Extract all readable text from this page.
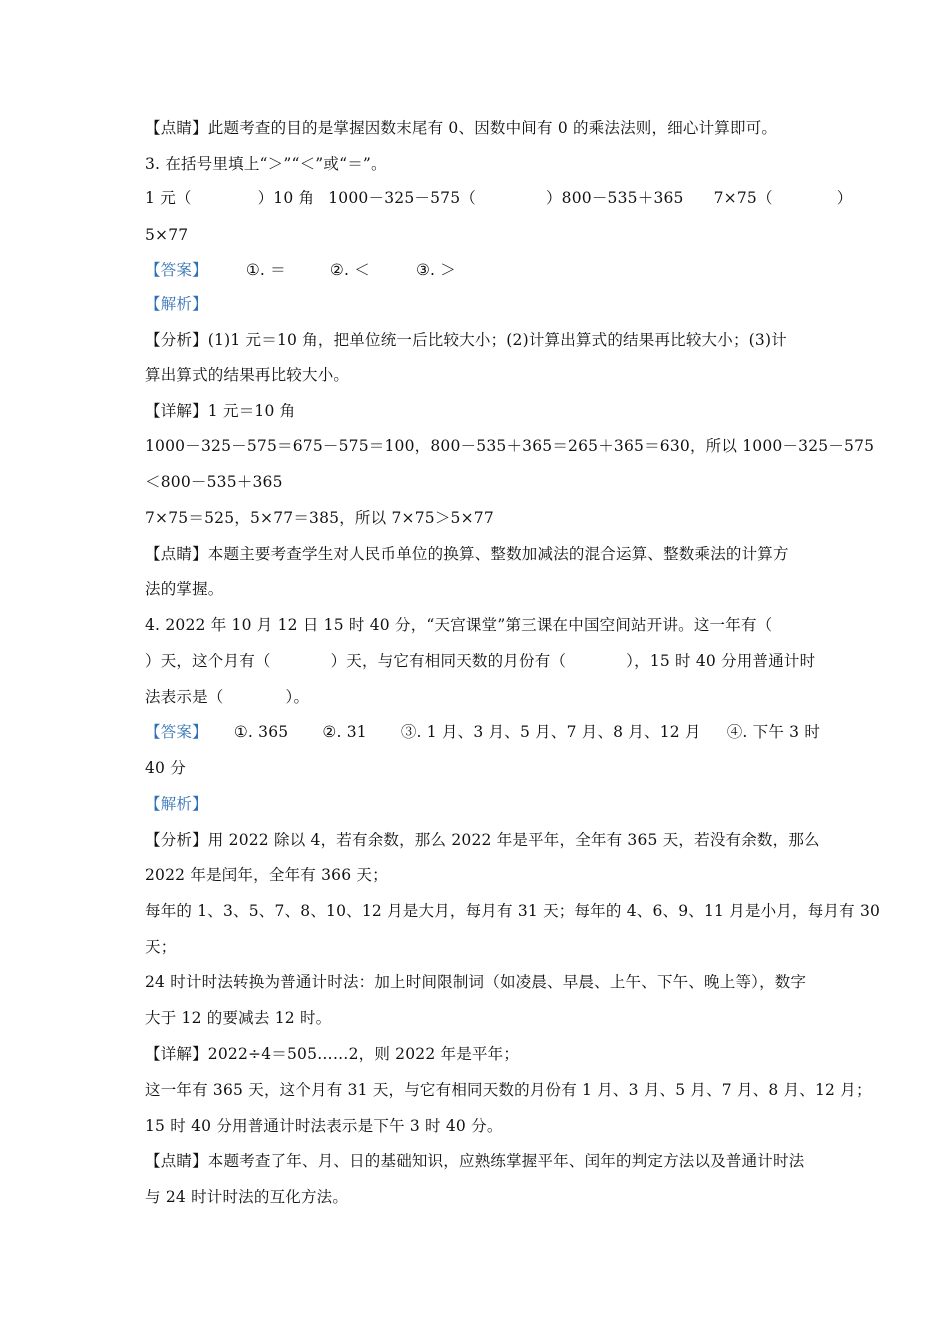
【点睛】此题考查的目的是掌握因数末尾有 0、因数中间有 0 的乘法法则，细心计算即可。
3. 在括号里填上“＞”“＜”或“＝”。
1 元（	）10 角 1000－325－575（	）800－535＋365 7×75（	）
5×77
【答案】 ①. ＝	②. ＜	③. ＞
【解析】
【分析】(1)1 元＝10 角，把单位统一后比较大小；(2)计算出算式的结果再比较大小；(3)计
算出算式的结果再比较大小。
【详解】1 元＝10 角
1000－325－575＝675－575＝100，800－535＋365＝265＋365＝630，所以 1000－325－575
＜800－535＋365
7×75＝525，5×77＝385，所以 7×75＞5×77
【点睛】本题主要考查学生对人民币单位的换算、整数加减法的混合运算、整数乘法的计算方
法的掌握。
4. 2022 年 10 月 12 日 15 时 40 分，“天宫课堂”第三课在中国空间站开讲。这一年有（
）天，这个月有（	）天，与它有相同天数的月份有（	），15 时 40 分用普通计时
法表示是（	）。
【答案】 ①. 365 ②. 31 ③. 1 月、3 月、5 月、7 月、8 月、12 月 ④. 下午 3 时
40 分
【解析】
【分析】用 2022 除以 4，若有余数，那么 2022 年是平年，全年有 365 天，若没有余数，那么
2022 年是闰年，全年有 366 天；
每年的 1、3、5、7、8、10、12 月是大月，每月有 31 天；每年的 4、6、9、11 月是小月，每月有 30
天；
24 时计时法转换为普通计时法：加上时间限制词（如凌晨、早晨、上午、下午、晚上等），数字
大于 12 的要减去 12 时。
【详解】2022÷4＝505……2，则 2022 年是平年；
这一年有 365 天，这个月有 31 天，与它有相同天数的月份有 1 月、3 月、5 月、7 月、8 月、12 月；
15 时 40 分用普通计时法表示是下午 3 时 40 分。
【点睛】本题考查了年、月、日的基础知识，应熟练掌握平年、闰年的判定方法以及普通计时法
与 24 时计时法的互化方法。
